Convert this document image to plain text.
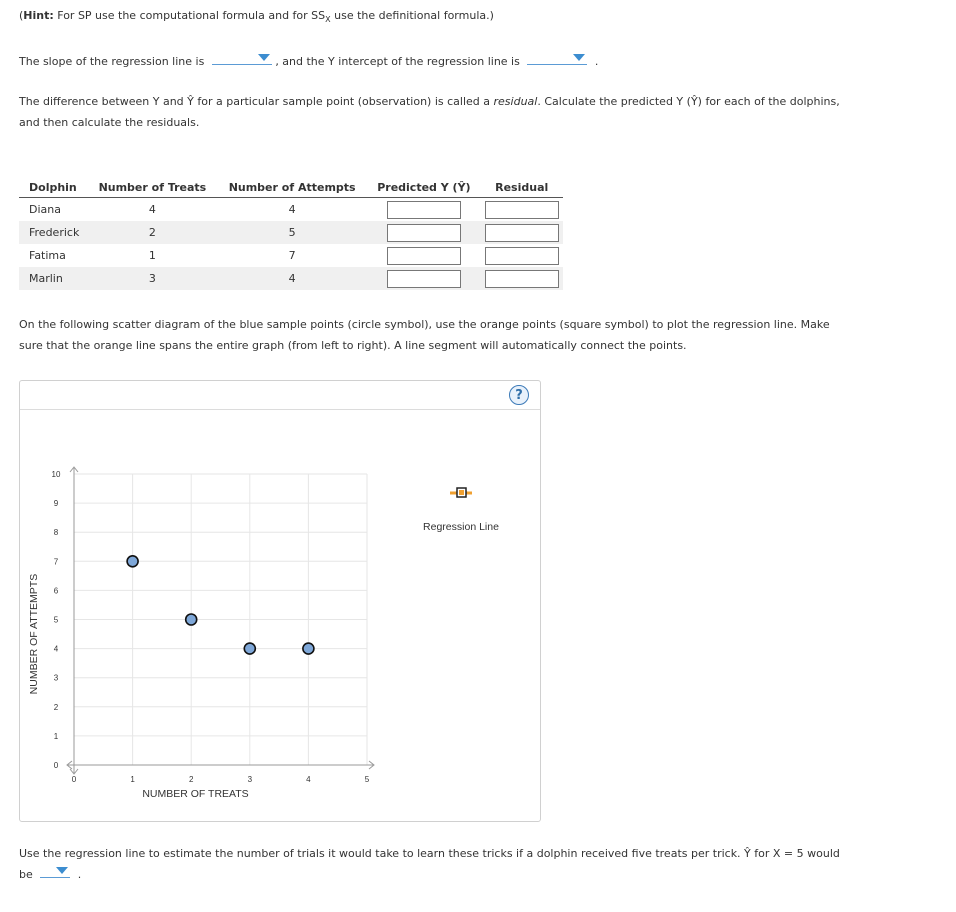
(Hint: For SP use the computational formula and for $SS_X$ use the definitional formula.)
The slope of the regression line is	, and the Y intercept of the regression line is	.
The difference between Y and Ŷ for a particular sample point (observation) is called a residual. Calculate the predicted Y (Ŷ) for each of the dolphins,
and then calculate the residuals.
Dolphin	Number of Treats	Number of Attempts	Predicted Y (Ŷ)	Residual
Diana	4	4		
Frederick	2	5		
Fatima	1	7		
Marlin	3	4		
On the following scatter diagram of the blue sample points (circle symbol), use the orange points (square symbol) to plot the regression line. Make
sure that the orange line spans the entire graph (from left to right). A line segment will automatically connect the points.
?
0	1	2	3	4	5
0
1
2
3
4
5
6
7
8
9
10
NUMBER OF TREATS
NUMBER OF ATTEMPTS
Regression Line
Use the regression line to estimate the number of trials it would take to learn these tricks if a dolphin received five treats per trick. Ŷ for X = 5 would
be	.
